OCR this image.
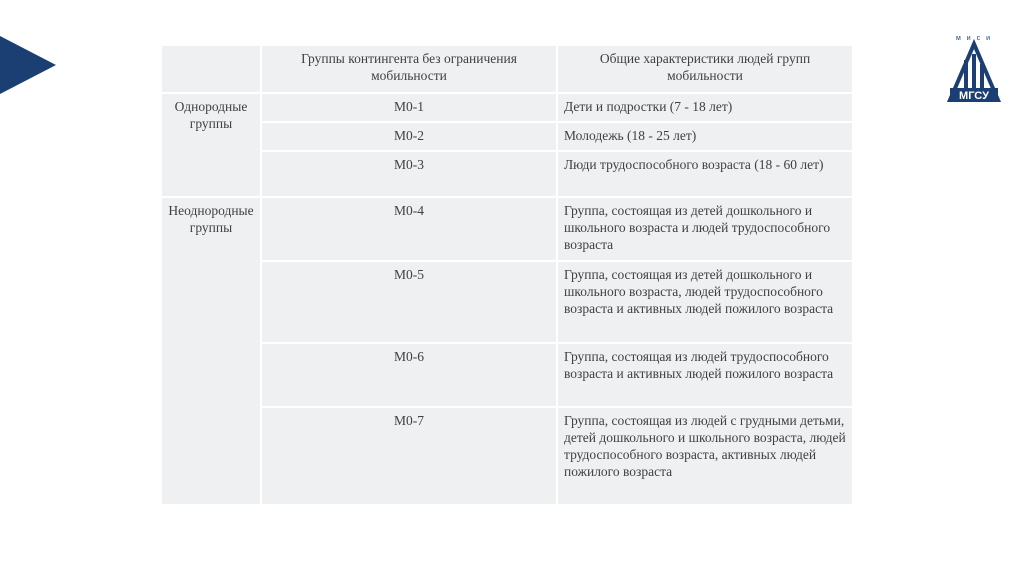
м и с и
МГСУ
	Группы контингента без ограничения мобильности	Общие характеристики людей групп мобильности
Однородные группы	М0-1	Дети и подростки (7 - 18 лет)
	М0-2	Молодежь (18 - 25 лет)
	М0-3	Люди трудоспособного возраста (18 - 60 лет)
Неоднородные группы	М0-4	Группа, состоящая из детей дошкольного и школьного возраста и людей трудоспособного возраста
	М0-5	Группа, состоящая из детей дошкольного и школьного возраста, людей трудоспособного возраста и активных людей пожилого возраста
	М0-6	Группа, состоящая из людей трудоспособного возраста и активных людей пожилого возраста
	М0-7	Группа, состоящая из людей с грудными детьми, детей дошкольного и школьного возраста, людей трудоспособного возраста, активных людей пожилого возраста
